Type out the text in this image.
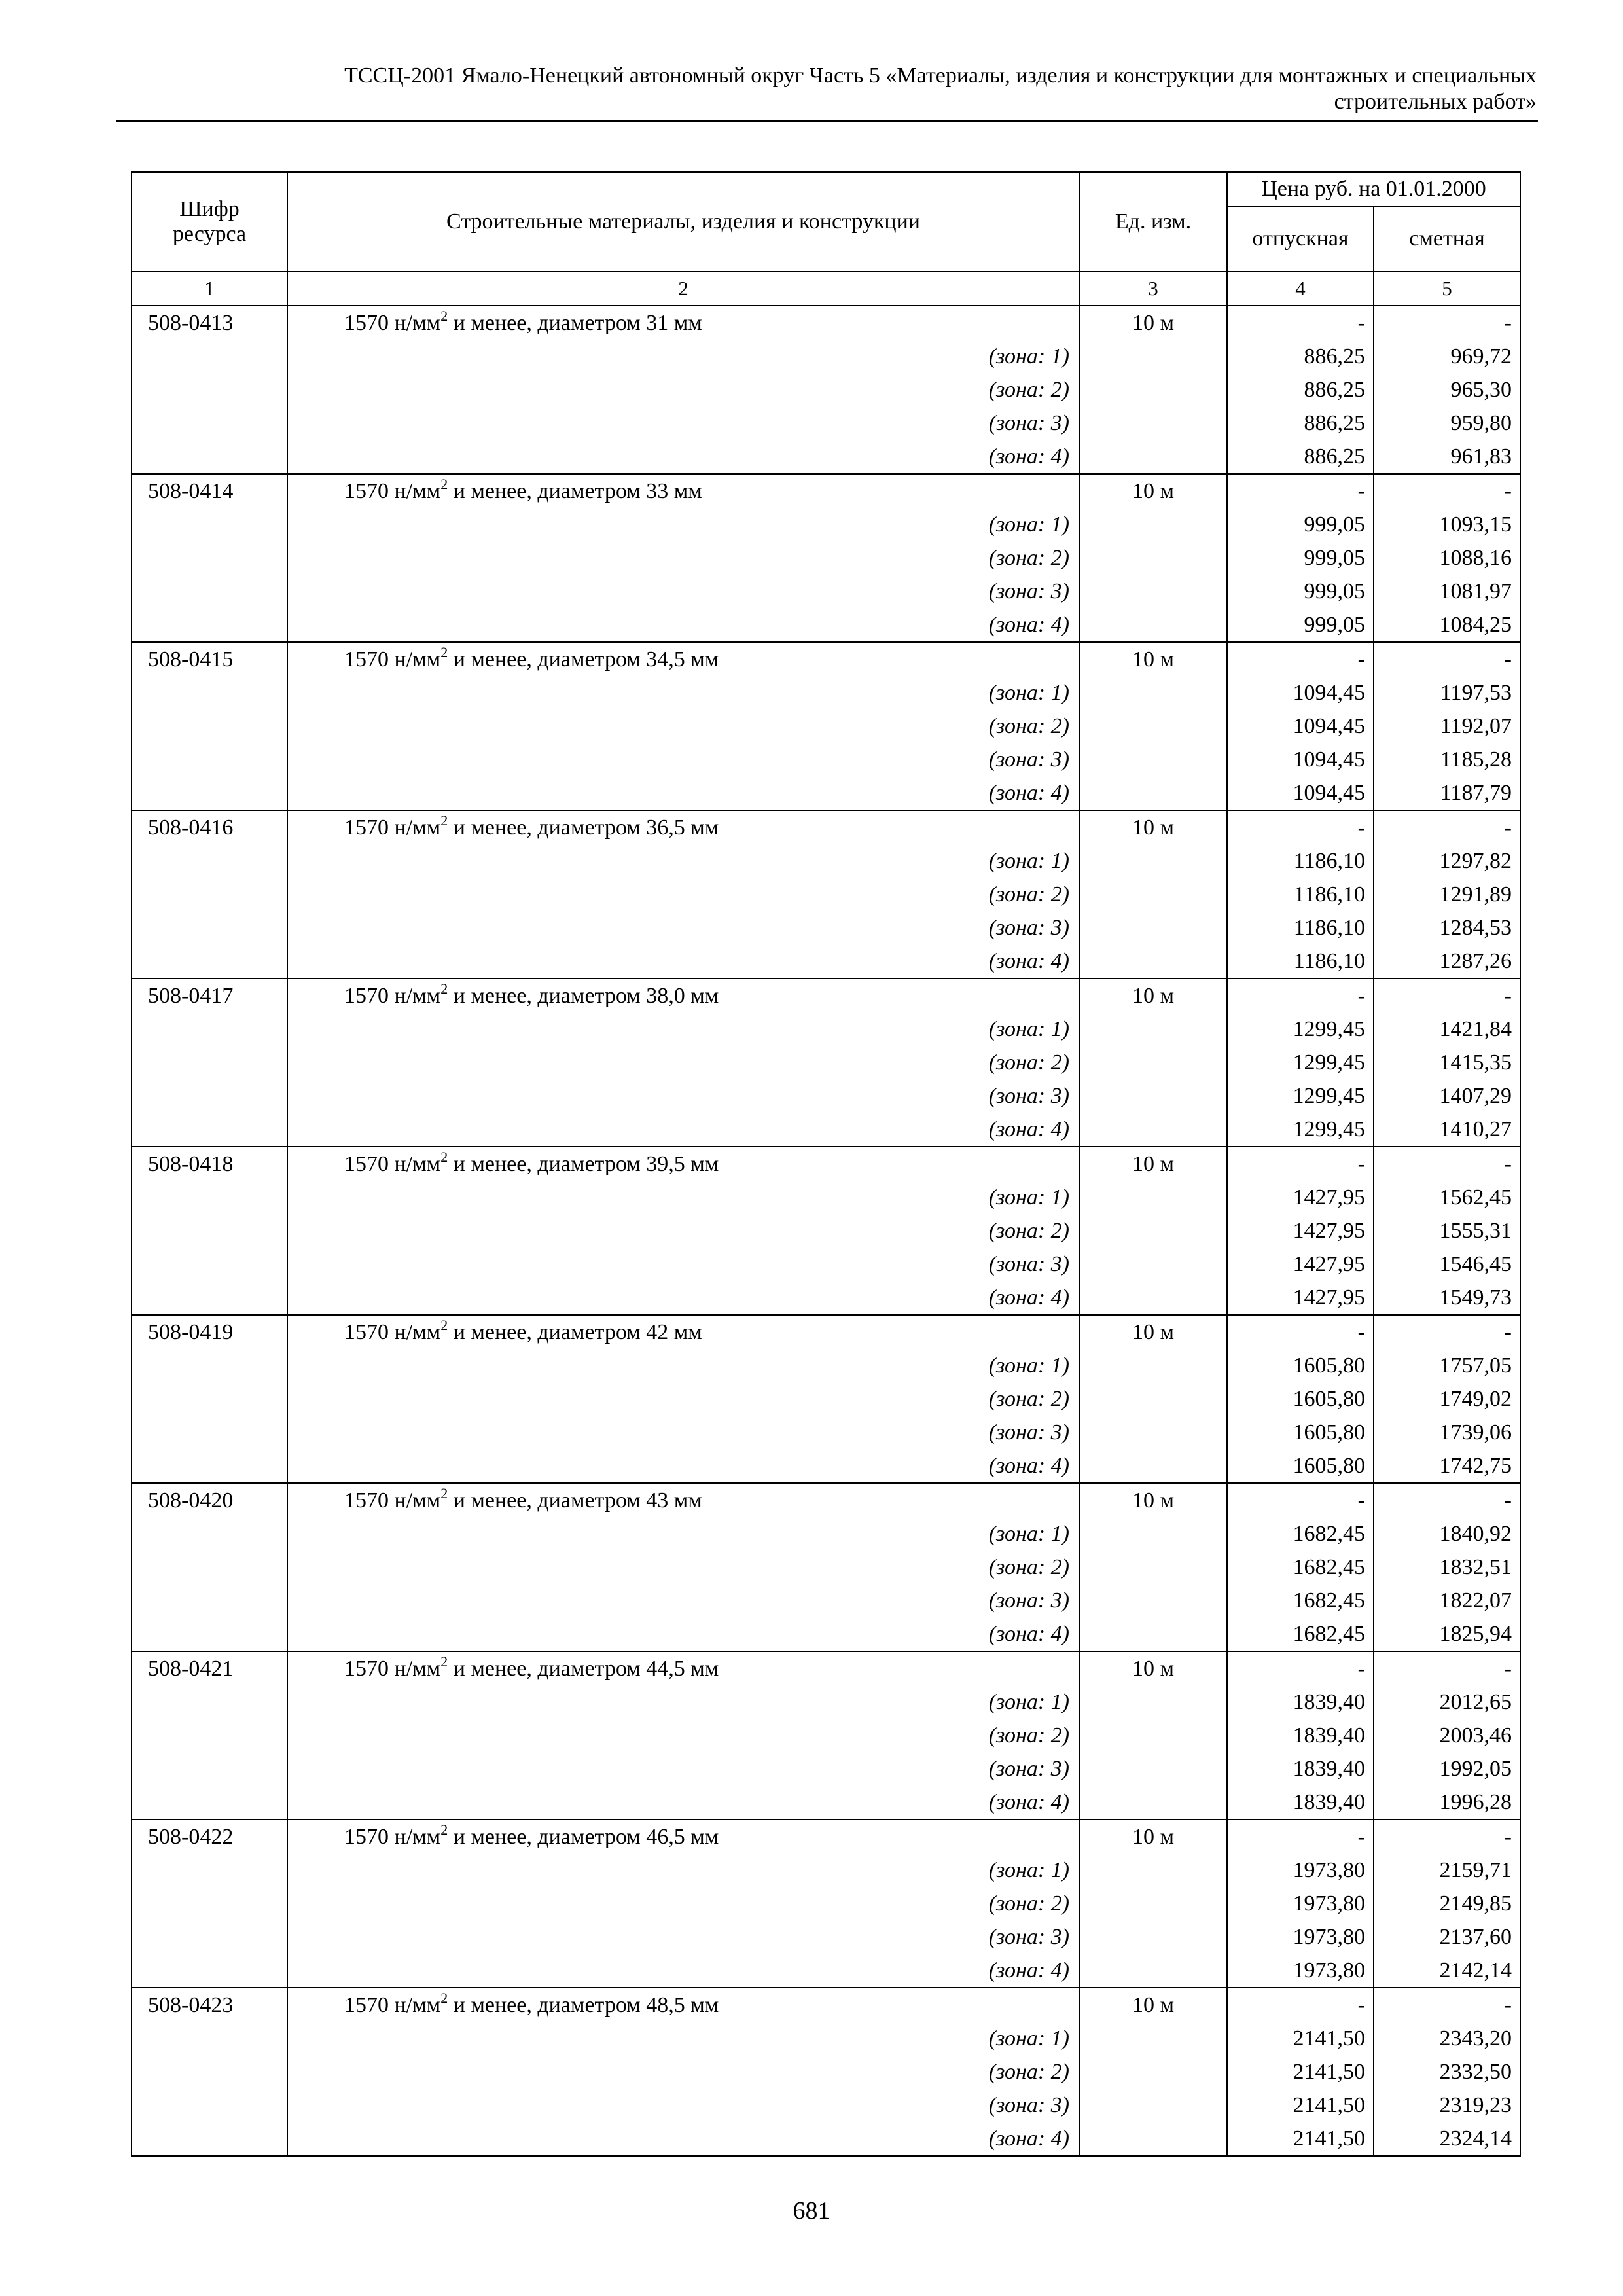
ТССЦ-2001 Ямало-Ненецкий автономный округ Часть 5 «Материалы, изделия и конструкции для монтажных и специальных
строительных работ»
Шифр ресурса	Строительные материалы, изделия и конструкции	Ед. изм.	Цена руб. на 01.01.2000	
			отпускная	сметная
1	2	3	4	5
508-0413	1570 $н/мм^2$ и менее, диаметром 31 мм	10 м	-	-
	(зона: 1)		886,25	969,72
	(зона: 2)		886,25	965,30
	(зона: 3)		886,25	959,80
	(зона: 4)		886,25	961,83
508-0414	1570 $н/мм^2$ и менее, диаметром 33 мм	10 м	-	-
	(зона: 1)		999,05	1093,15
	(зона: 2)		999,05	1088,16
	(зона: 3)		999,05	1081,97
	(зона: 4)		999,05	1084,25
508-0415	1570 $н/мм^2$ и менее, диаметром 34,5 мм	10 м	-	-
	(зона: 1)		1094,45	1197,53
	(зона: 2)		1094,45	1192,07
	(зона: 3)		1094,45	1185,28
	(зона: 4)		1094,45	1187,79
508-0416	1570 $н/мм^2$ и менее, диаметром 36,5 мм	10 м	-	-
	(зона: 1)		1186,10	1297,82
	(зона: 2)		1186,10	1291,89
	(зона: 3)		1186,10	1284,53
	(зона: 4)		1186,10	1287,26
508-0417	1570 $н/мм^2$ и менее, диаметром 38,0 мм	10 м	-	-
	(зона: 1)		1299,45	1421,84
	(зона: 2)		1299,45	1415,35
	(зона: 3)		1299,45	1407,29
	(зона: 4)		1299,45	1410,27
508-0418	1570 $н/мм^2$ и менее, диаметром 39,5 мм	10 м	-	-
	(зона: 1)		1427,95	1562,45
	(зона: 2)		1427,95	1555,31
	(зона: 3)		1427,95	1546,45
	(зона: 4)		1427,95	1549,73
508-0419	1570 $н/мм^2$ и менее, диаметром 42 мм	10 м	-	-
	(зона: 1)		1605,80	1757,05
	(зона: 2)		1605,80	1749,02
	(зона: 3)		1605,80	1739,06
	(зона: 4)		1605,80	1742,75
508-0420	1570 $н/мм^2$ и менее, диаметром 43 мм	10 м	-	-
	(зона: 1)		1682,45	1840,92
	(зона: 2)		1682,45	1832,51
	(зона: 3)		1682,45	1822,07
	(зона: 4)		1682,45	1825,94
508-0421	1570 $н/мм^2$ и менее, диаметром 44,5 мм	10 м	-	-
	(зона: 1)		1839,40	2012,65
	(зона: 2)		1839,40	2003,46
	(зона: 3)		1839,40	1992,05
	(зона: 4)		1839,40	1996,28
508-0422	1570 $н/мм^2$ и менее, диаметром 46,5 мм	10 м	-	-
	(зона: 1)		1973,80	2159,71
	(зона: 2)		1973,80	2149,85
	(зона: 3)		1973,80	2137,60
	(зона: 4)		1973,80	2142,14
508-0423	1570 $н/мм^2$ и менее, диаметром 48,5 мм	10 м	-	-
	(зона: 1)		2141,50	2343,20
	(зона: 2)		2141,50	2332,50
	(зона: 3)		2141,50	2319,23
	(зона: 4)		2141,50	2324,14
681
